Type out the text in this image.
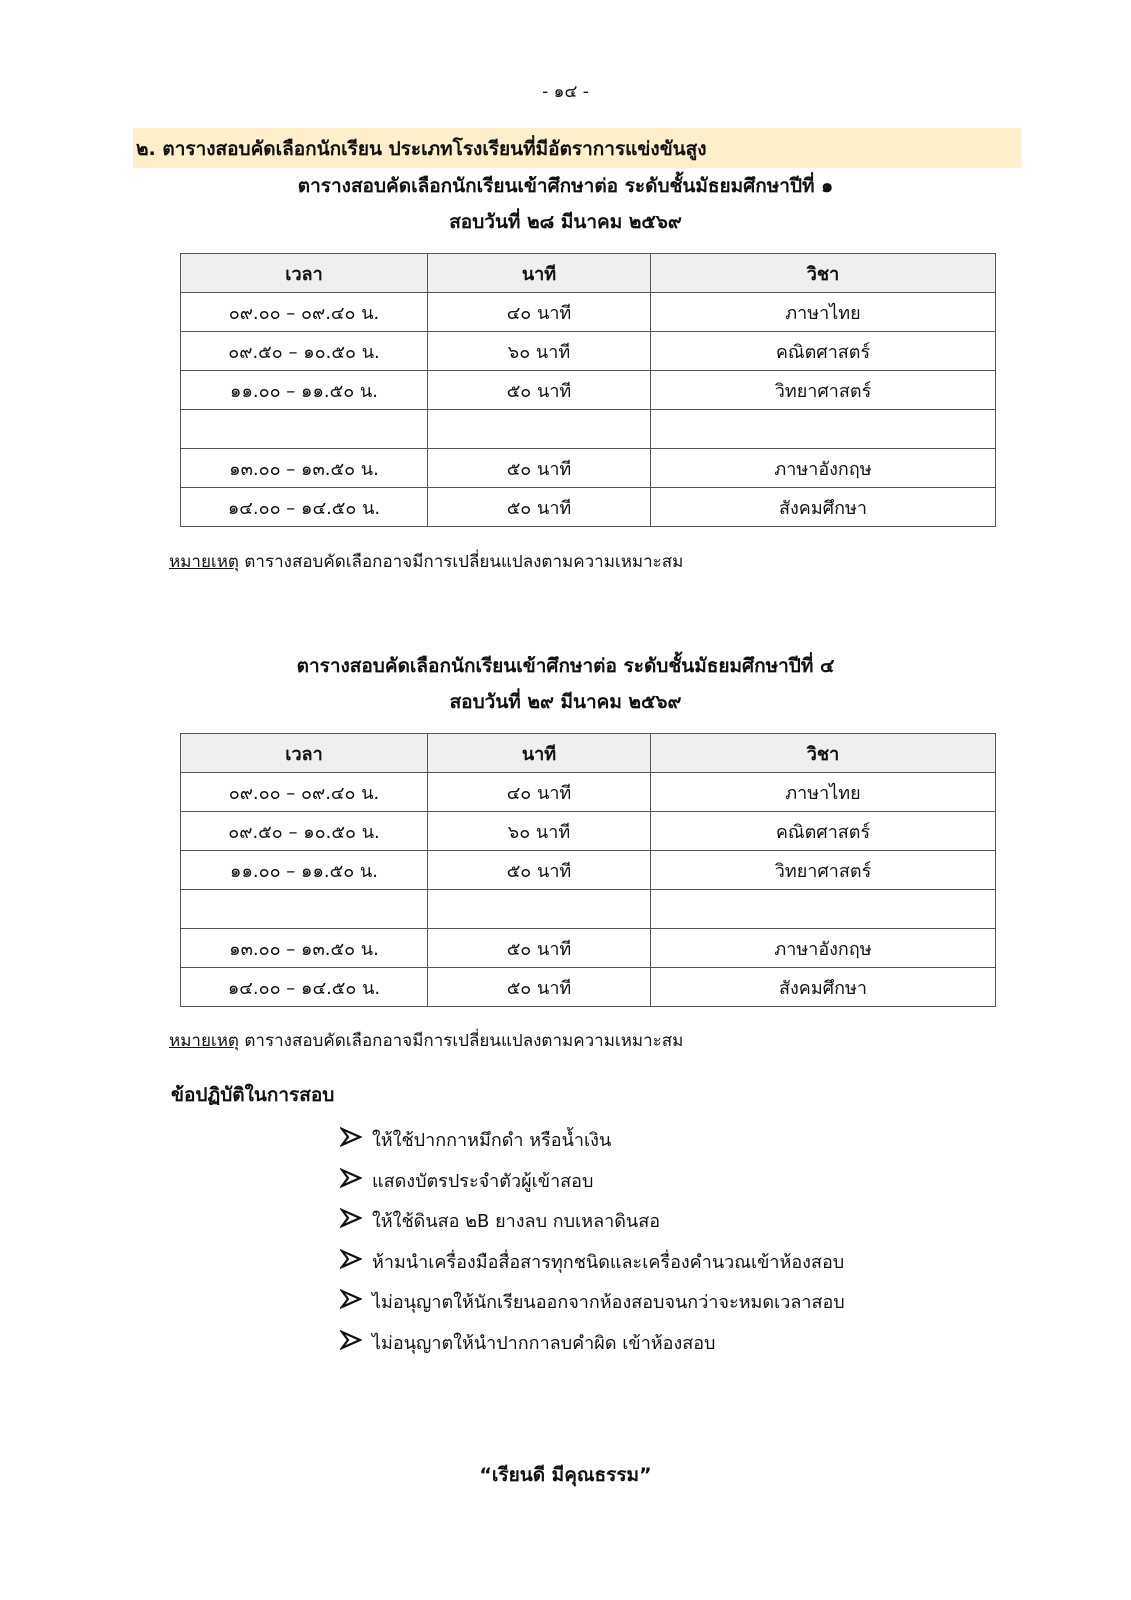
- ๑๔ -
๒. ตารางสอบคัดเลือกนักเรียน ประเภทโรงเรียนที่มีอัตราการแข่งขันสูง
ตารางสอบคัดเลือกนักเรียนเข้าศึกษาต่อ ระดับชั้นมัธยมศึกษาปีที่ ๑
สอบวันที่ ๒๘ มีนาคม ๒๕๖๙
เวลา	นาที	วิชา
๐๙.๐๐ – ๐๙.๔๐ น.	๔๐ นาที	ภาษาไทย
๐๙.๕๐ – ๑๐.๕๐ น.	๖๐ นาที	คณิตศาสตร์
๑๑.๐๐ – ๑๑.๕๐ น.	๕๐ นาที	วิทยาศาสตร์

๑๓.๐๐ – ๑๓.๕๐ น.	๕๐ นาที	ภาษาอังกฤษ
๑๔.๐๐ – ๑๔.๕๐ น.	๕๐ นาที	สังคมศึกษา
หมายเหตุ ตารางสอบคัดเลือกอาจมีการเปลี่ยนแปลงตามความเหมาะสม
ตารางสอบคัดเลือกนักเรียนเข้าศึกษาต่อ ระดับชั้นมัธยมศึกษาปีที่ ๔
สอบวันที่ ๒๙ มีนาคม ๒๕๖๙
เวลา	นาที	วิชา
๐๙.๐๐ – ๐๙.๔๐ น.	๔๐ นาที	ภาษาไทย
๐๙.๕๐ – ๑๐.๕๐ น.	๖๐ นาที	คณิตศาสตร์
๑๑.๐๐ – ๑๑.๕๐ น.	๕๐ นาที	วิทยาศาสตร์

๑๓.๐๐ – ๑๓.๕๐ น.	๕๐ นาที	ภาษาอังกฤษ
๑๔.๐๐ – ๑๔.๕๐ น.	๕๐ นาที	สังคมศึกษา
หมายเหตุ ตารางสอบคัดเลือกอาจมีการเปลี่ยนแปลงตามความเหมาะสม
ข้อปฏิบัติในการสอบ
ให้ใช้ปากกาหมึกดำ หรือน้ำเงิน
แสดงบัตรประจำตัวผู้เข้าสอบ
ให้ใช้ดินสอ ๒B ยางลบ กบเหลาดินสอ
ห้ามนำเครื่องมือสื่อสารทุกชนิดและเครื่องคำนวณเข้าห้องสอบ
ไม่อนุญาตให้นักเรียนออกจากห้องสอบจนกว่าจะหมดเวลาสอบ
ไม่อนุญาตให้นำปากกาลบคำผิด เข้าห้องสอบ
“เรียนดี มีคุณธรรม”
